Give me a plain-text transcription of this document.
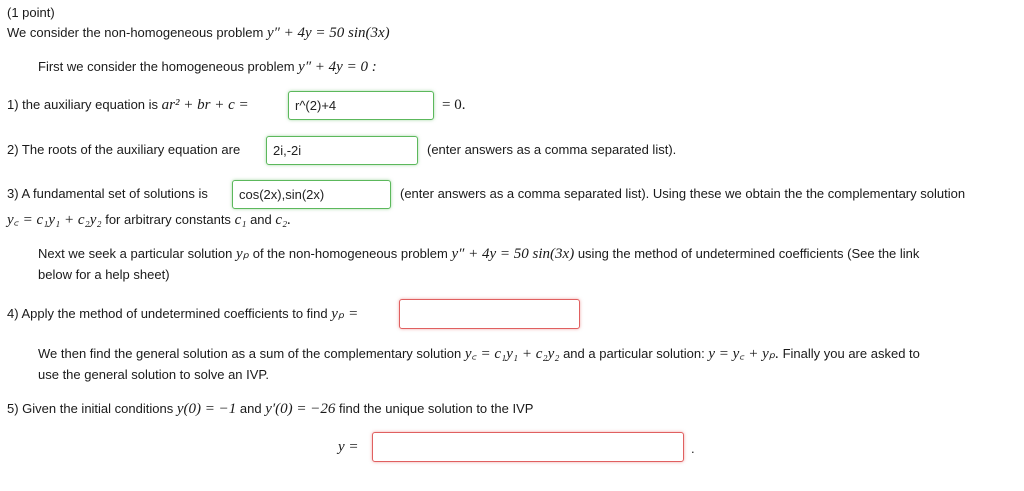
(1 point)
We consider the non-homogeneous problem y″ + 4y = 50 sin(3x)
First we consider the homogeneous problem y″ + 4y = 0 :
1) the auxiliary equation is ar² + br + c =
r^(2)+4	= 0.
2) The roots of the auxiliary equation are
2i,-2i	(enter answers as a comma separated list).
3) A fundamental set of solutions is
cos(2x),sin(2x)	(enter answers as a comma separated list). Using these we obtain the the complementary solution
y꜀ = c₁y₁ + c₂y₂ for arbitrary constants c₁ and c₂.
Next we seek a particular solution yₚ of the non-homogeneous problem y″ + 4y = 50 sin(3x) using the method of undetermined coefficients (See the link
below for a help sheet)
4) Apply the method of undetermined coefficients to find yₚ =
We then find the general solution as a sum of the complementary solution y꜀ = c₁y₁ + c₂y₂ and a particular solution: y = y꜀ + yₚ. Finally you are asked to
use the general solution to solve an IVP.
5) Given the initial conditions y(0) = −1 and y′(0) = −26 find the unique solution to the IVP
y =	.
